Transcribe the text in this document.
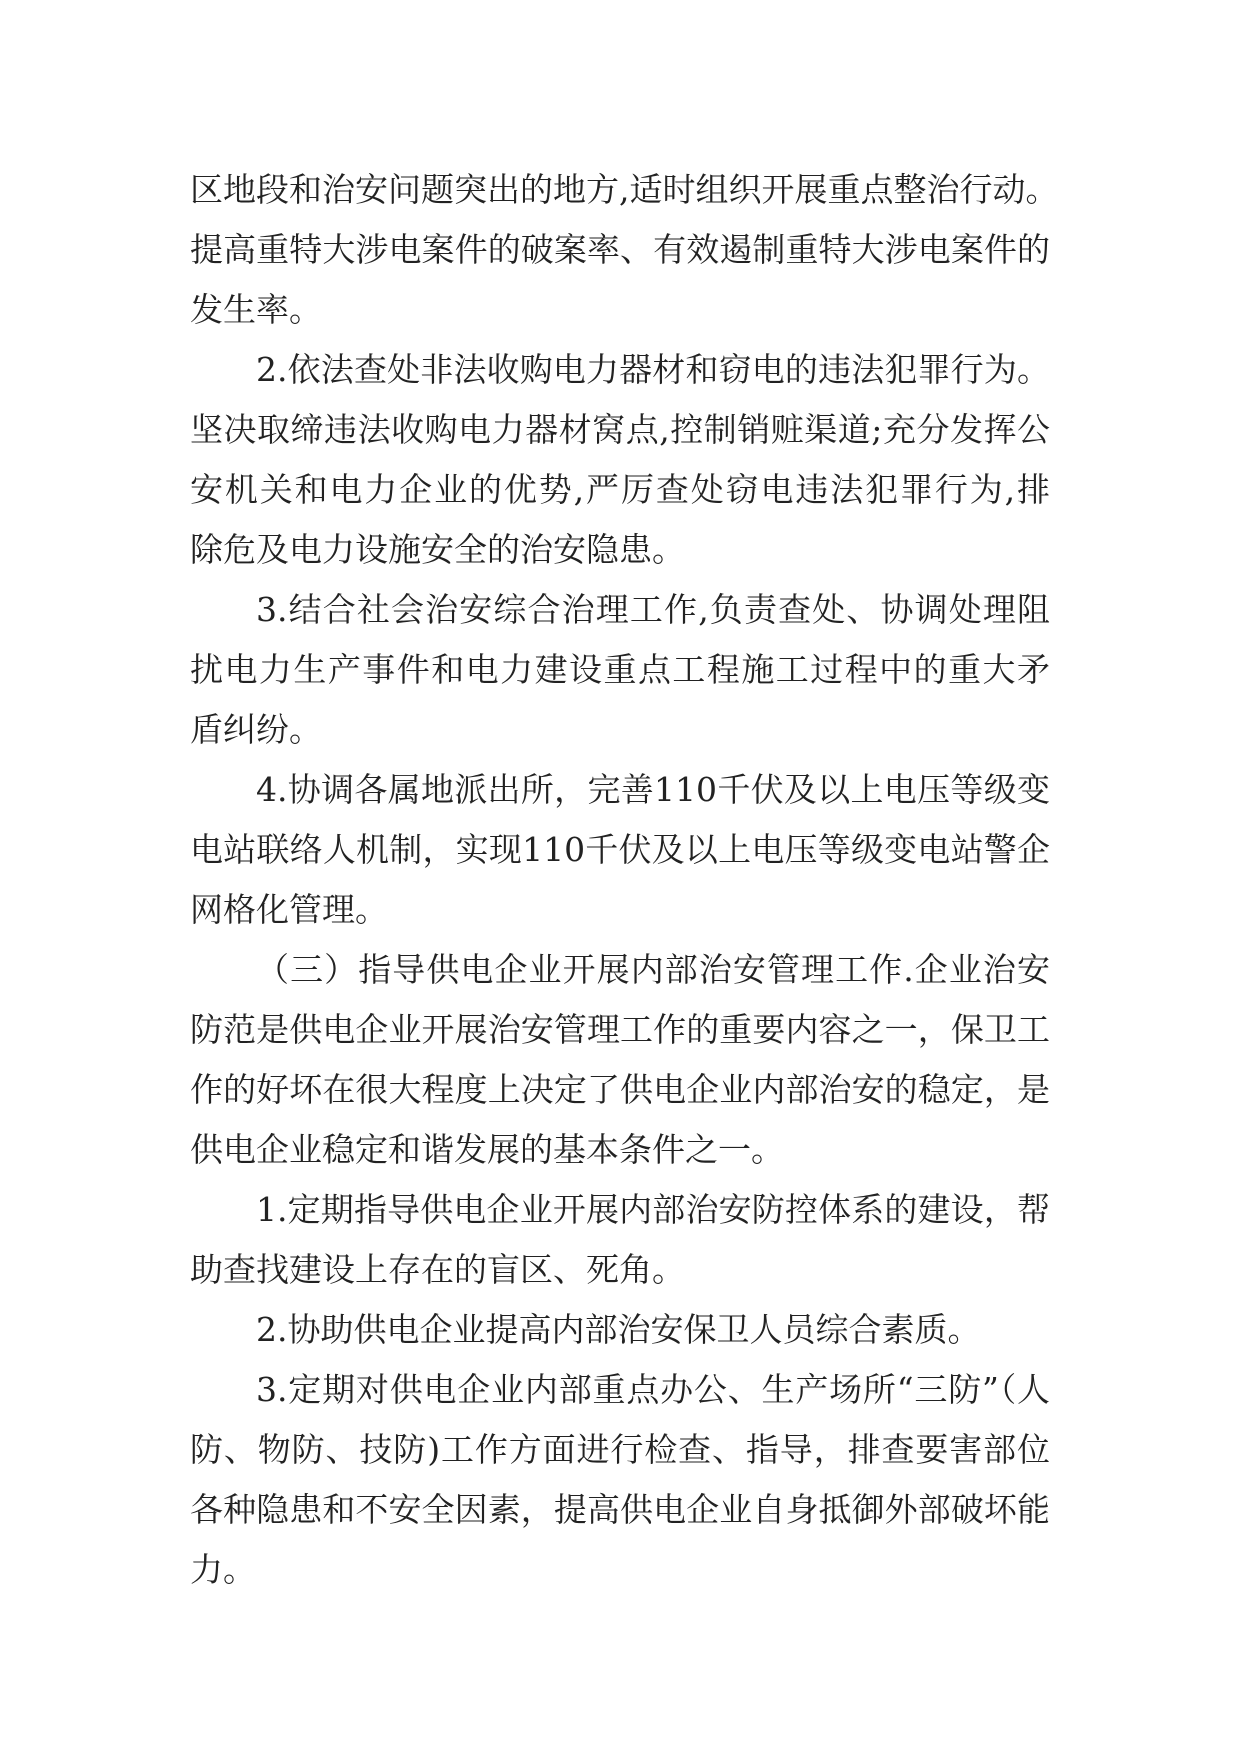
区地段和治安问题突出的地方,适时组织开展重点整治行动。
提高重特大涉电案件的破案率、有效遏制重特大涉电案件的
发生率。
2.依法查处非法收购电力器材和窃电的违法犯罪行为。
坚决取缔违法收购电力器材窝点,控制销赃渠道;充分发挥公
安机关和电力企业的优势,严厉查处窃电违法犯罪行为,排
除危及电力设施安全的治安隐患。
3.结合社会治安综合治理工作,负责查处、协调处理阻
扰电力生产事件和电力建设重点工程施工过程中的重大矛
盾纠纷。
4.协调各属地派出所，完善110千伏及以上电压等级变
电站联络人机制，实现110千伏及以上电压等级变电站警企
网格化管理。
（三）指导供电企业开展内部治安管理工作.企业治安
防范是供电企业开展治安管理工作的重要内容之一，保卫工
作的好坏在很大程度上决定了供电企业内部治安的稳定，是
供电企业稳定和谐发展的基本条件之一。
1.定期指导供电企业开展内部治安防控体系的建设，帮
助查找建设上存在的盲区、死角。
2.协助供电企业提高内部治安保卫人员综合素质。
3.定期对供电企业内部重点办公、生产场所“三防”（人
防、物防、技防)工作方面进行检查、指导，排查要害部位
各种隐患和不安全因素，提高供电企业自身抵御外部破坏能
力。
